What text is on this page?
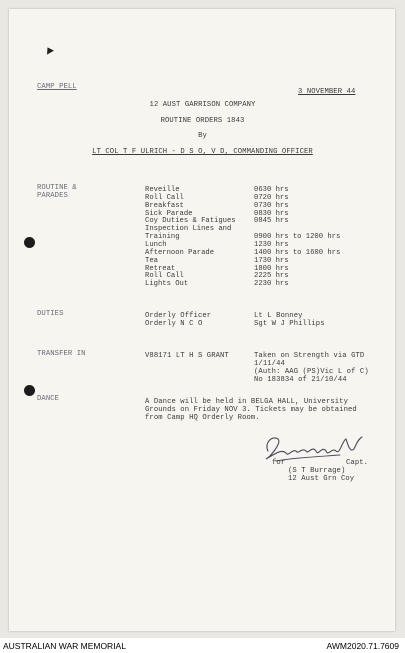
CAMP PELL
3 NOVEMBER 44
12 AUST GARRISON COMPANY
ROUTINE ORDERS 1843
By
LT COL T F ULRICH - D S O, V D, COMMANDING OFFICER
ROUTINE &
PARADES
Reveille	0630 hrs
Roll Call	0720 hrs
Breakfast	0730 hrs
Sick Parade	0830 hrs
Coy Duties & Fatigues	0845 hrs
Inspection Lines and
Training	0900 hrs to 1200 hrs
Lunch	1230 hrs
Afternoon Parade	1400 hrs to 1600 hrs
Tea	1730 hrs
Retreat	1800 hrs
Roll Call	2225 hrs
Lights Out	2230 hrs
DUTIES	Orderly Officer	Lt L Bonney
Orderly N C O	Sgt W J Phillips
TRANSFER IN	V88171 LT H S GRANT	Taken on Strength via GTD
1/11/44
(Auth: AAG (PS)Vic L of C)
No 183834 of 21/10/44
DANCE	A Dance will be held in BELGA HALL, University
Grounds on Friday NOV 3. Tickets may be obtained
from Camp HQ Orderly Room.
for	Capt.
(S T Burrage)
12 Aust Grn Coy
AUSTRALIAN WAR MEMORIAL	AWM2020.71.7609
